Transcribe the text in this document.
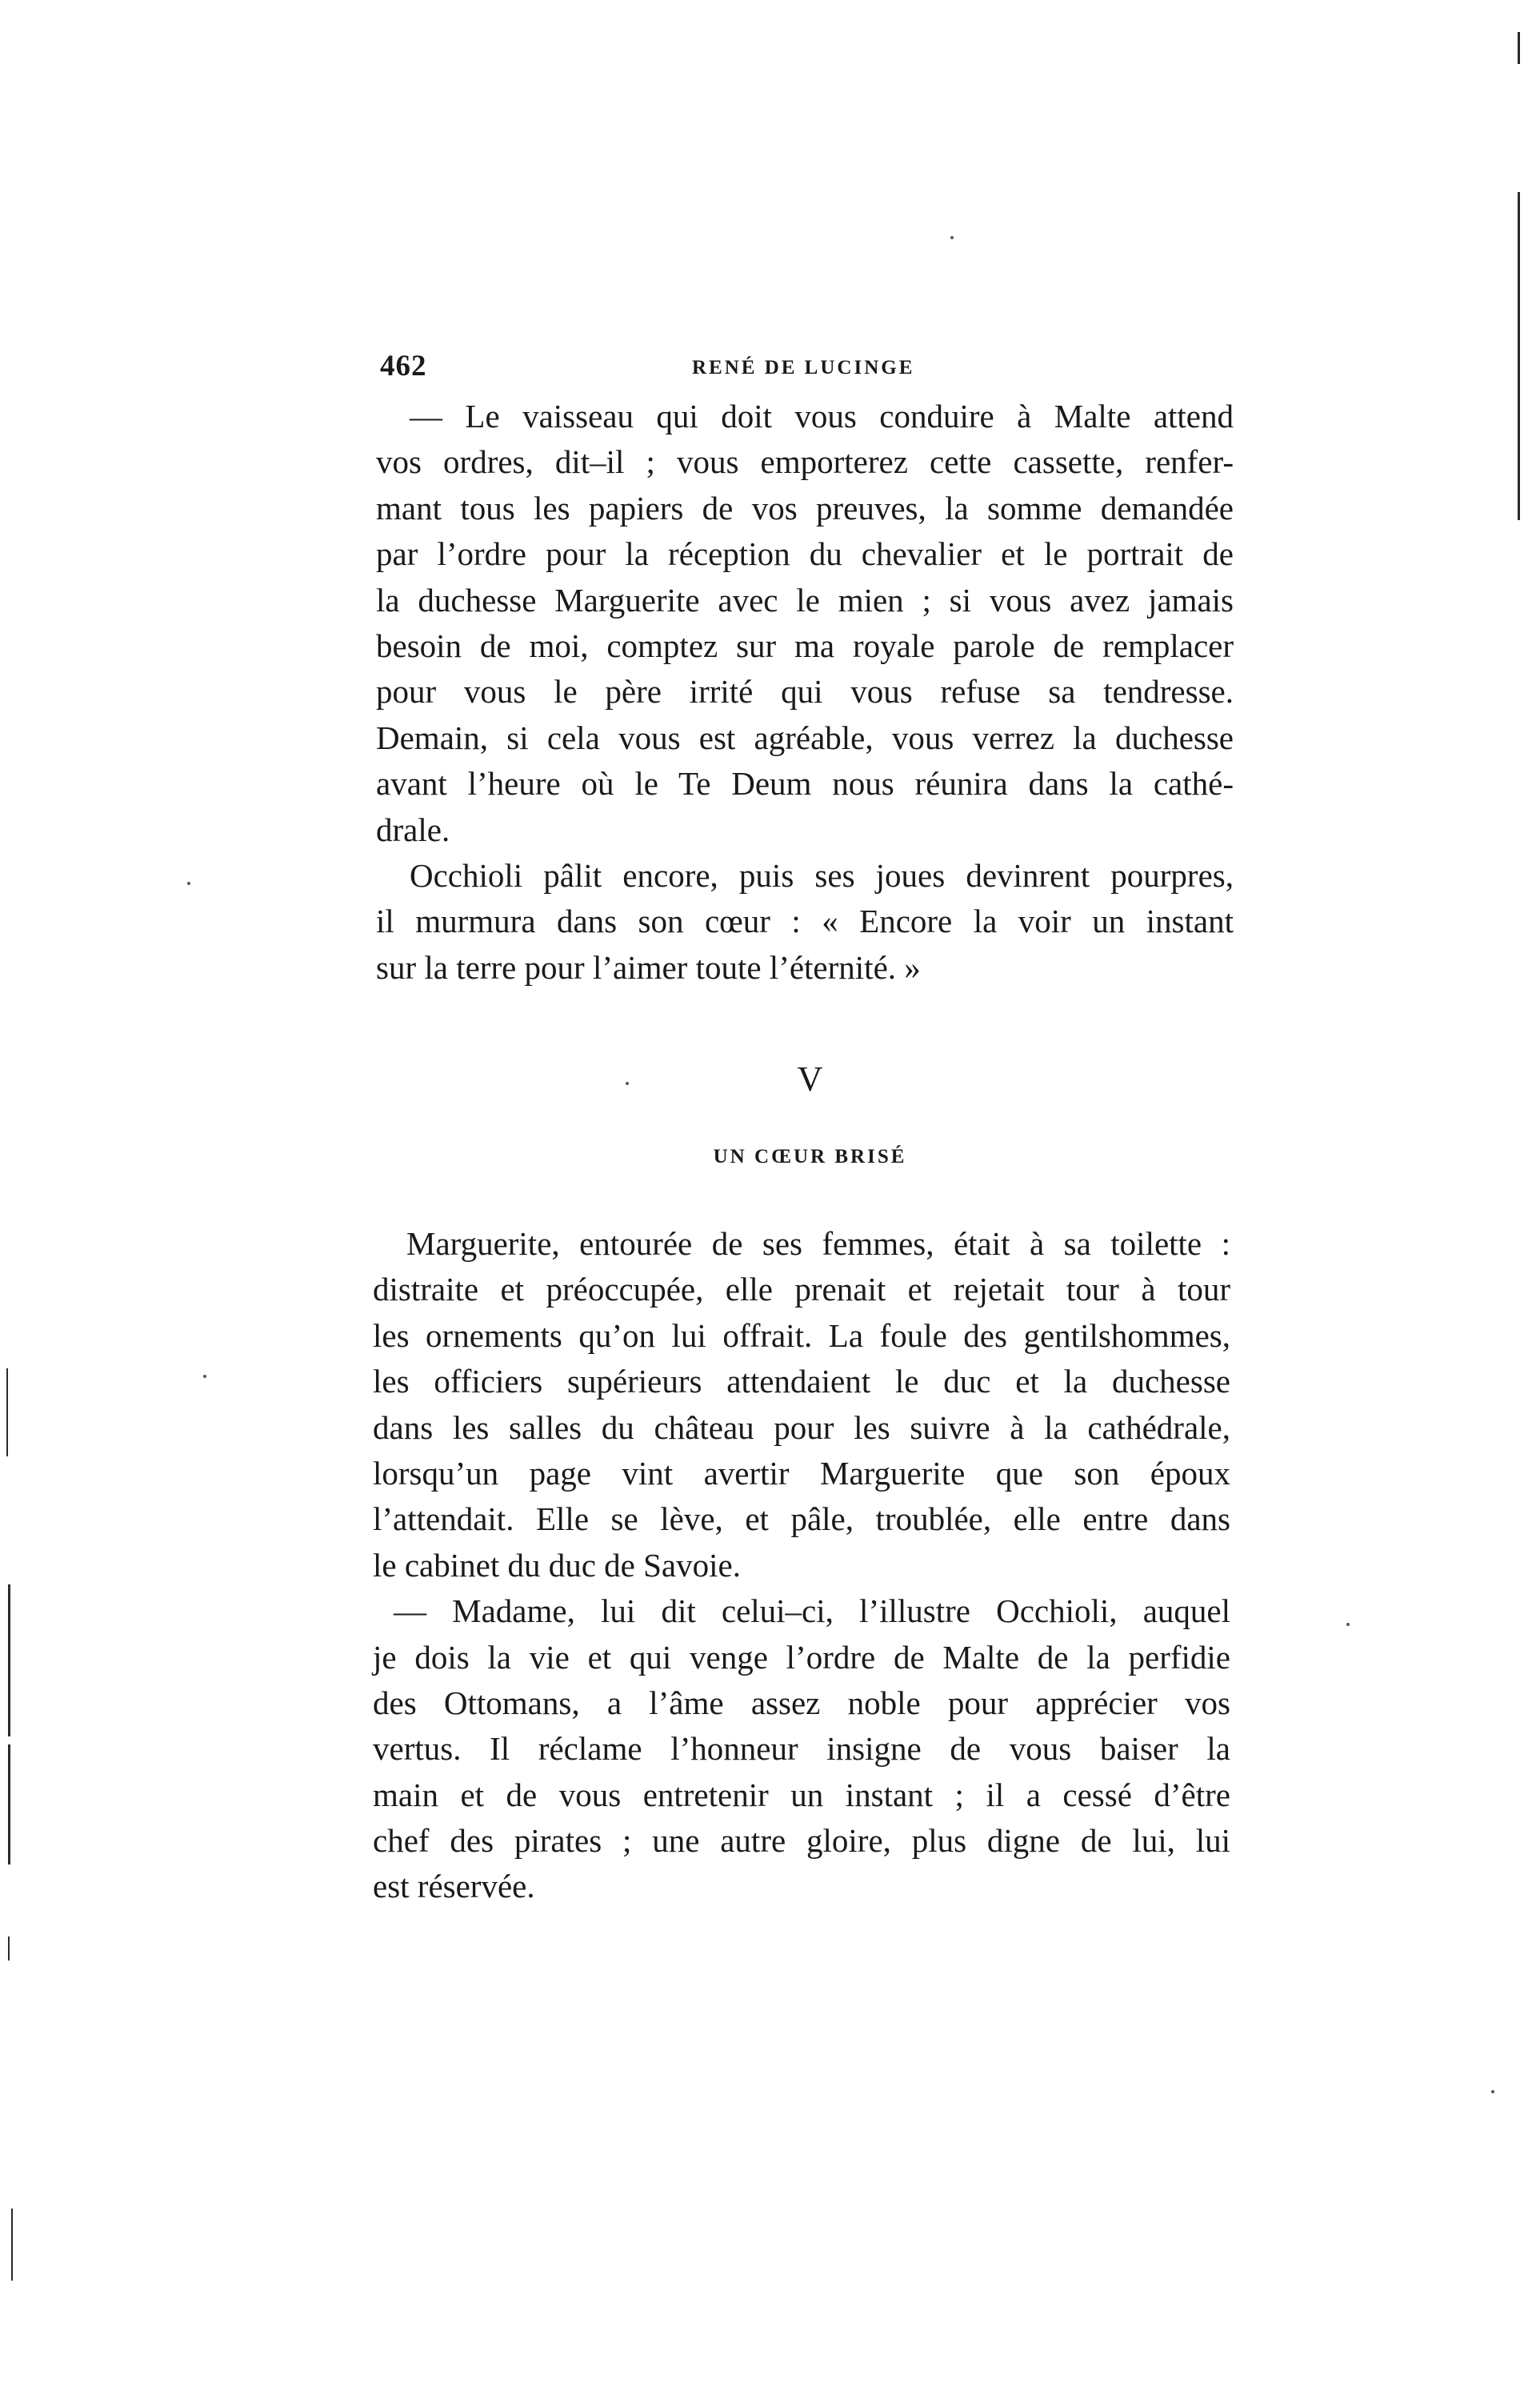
462	RENÉ DE LUCINGE
— Le vaisseau qui doit vous conduire à Malte attend
vos ordres, dit–il ; vous emporterez cette cassette, renfer-
mant tous les papiers de vos preuves, la somme demandée
par l’ordre pour la réception du chevalier et le portrait de
la duchesse Marguerite avec le mien ; si vous avez jamais
besoin de moi, comptez sur ma royale parole de remplacer
pour vous le père irrité qui vous refuse sa tendresse.
Demain, si cela vous est agréable, vous verrez la duchesse
avant l’heure où le Te Deum nous réunira dans la cathé-
drale.
Occhioli pâlit encore, puis ses joues devinrent pourpres,
il murmura dans son cœur : « Encore la voir un instant
sur la terre pour l’aimer toute l’éternité. »
V
UN CŒUR BRISÉ
Marguerite, entourée de ses femmes, était à sa toilette :
distraite et préoccupée, elle prenait et rejetait tour à tour
les ornements qu’on lui offrait. La foule des gentilshommes,
les officiers supérieurs attendaient le duc et la duchesse
dans les salles du château pour les suivre à la cathédrale,
lorsqu’un page vint avertir Marguerite que son époux
l’attendait. Elle se lève, et pâle, troublée, elle entre dans
le cabinet du duc de Savoie.
— Madame, lui dit celui–ci, l’illustre Occhioli, auquel
je dois la vie et qui venge l’ordre de Malte de la perfidie
des Ottomans, a l’âme assez noble pour apprécier vos
vertus. Il réclame l’honneur insigne de vous baiser la
main et de vous entretenir un instant ; il a cessé d’être
chef des pirates ; une autre gloire, plus digne de lui, lui
est réservée.
